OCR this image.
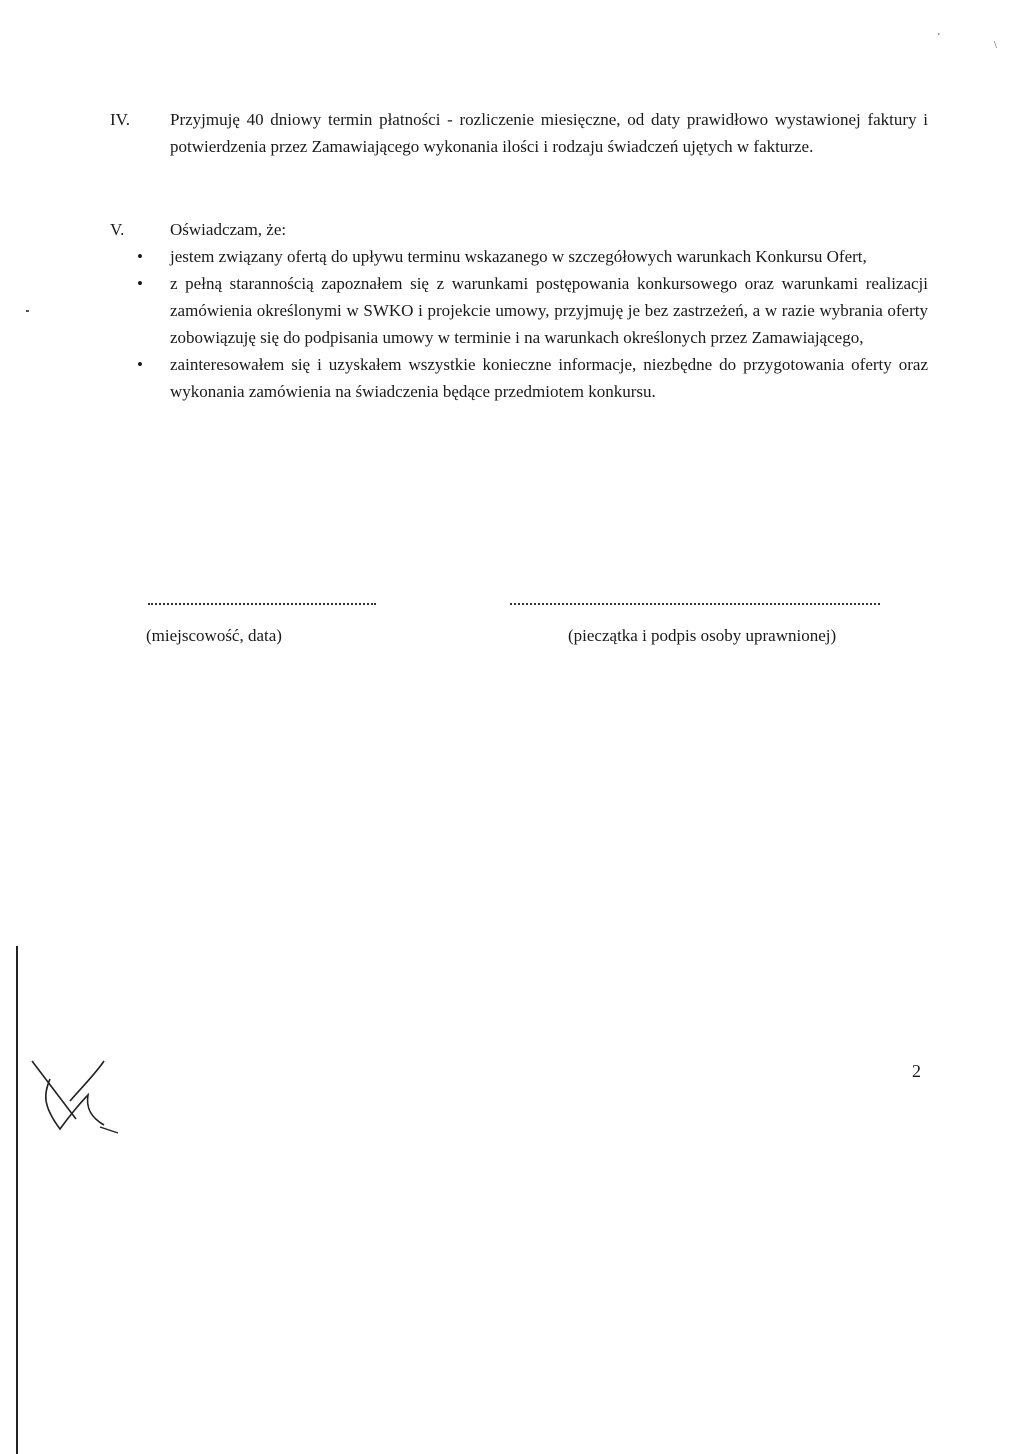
'
\
IV.	Przyjmuję 40 dniowy termin płatności - rozliczenie miesięczne, od daty prawidłowo wystawionej faktury i potwierdzenia przez Zamawiającego wykonania ilości i rodzaju świadczeń ujętych w fakturze.
V.	Oświadczam, że:
•	jestem związany ofertą do upływu terminu wskazanego w szczegółowych warunkach Konkursu Ofert,
•	z pełną starannością zapoznałem się z warunkami postępowania konkursowego oraz warunkami realizacji zamówienia określonymi w SWKO i projekcie umowy, przyjmuję je bez zastrzeżeń, a w razie wybrania oferty zobowiązuję się do podpisania umowy w terminie i na warunkach określonych przez Zamawiającego,
•	zainteresowałem się i uzyskałem wszystkie konieczne informacje, niezbędne do przygotowania oferty oraz wykonania zamówienia na świadczenia będące przedmiotem konkursu.
(miejscowość, data)	(pieczątka i podpis osoby uprawnionej)
2
